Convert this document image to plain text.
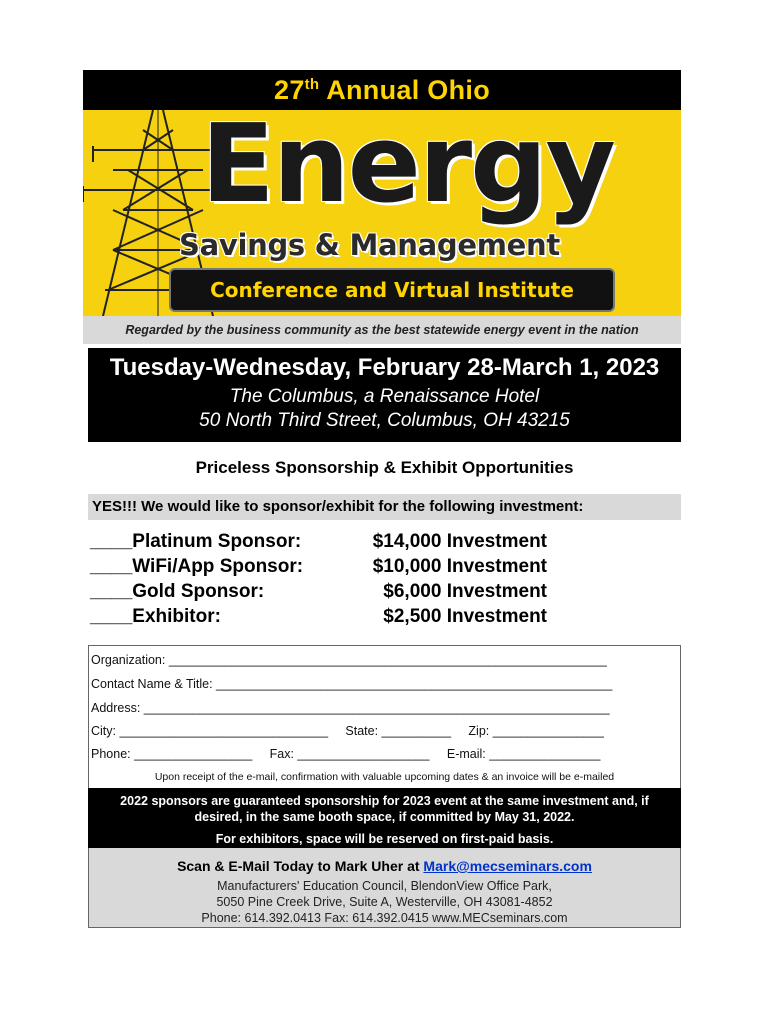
27th Annual Ohio
Energy
Savings & Management
Conference and Virtual Institute
Regarded by the business community as the best statewide energy event in the nation
Tuesday-Wednesday, February 28-March 1, 2023
The Columbus, a Renaissance Hotel
50 North Third Street, Columbus, OH 43215
Priceless Sponsorship & Exhibit Opportunities
YES!!! We would like to sponsor/exhibit for the following investment:
____Platinum Sponsor:	$14,000 Investment
____WiFi/App Sponsor:	$10,000 Investment
____Gold Sponsor:	$6,000 Investment
____Exhibitor:	$2,500 Investment
Organization: _______________________________________________________________
Contact Name & Title: _________________________________________________________
Address: ___________________________________________________________________
City: ______________________________     State: __________     Zip: ________________
Phone: _________________     Fax: ___________________     E-mail: ________________
Upon receipt of the e-mail, confirmation with valuable upcoming dates & an invoice will be e-mailed
2022 sponsors are guaranteed sponsorship for 2023 event at the same investment and, if
desired, in the same booth space, if committed by May 31, 2022.
For exhibitors, space will be reserved on first-paid basis.
Scan & E-Mail Today to Mark Uher at Mark@mecseminars.com
Manufacturers' Education Council, BlendonView Office Park,
5050 Pine Creek Drive, Suite A, Westerville, OH 43081-4852
Phone: 614.392.0413 Fax: 614.392.0415 www.MECseminars.com
